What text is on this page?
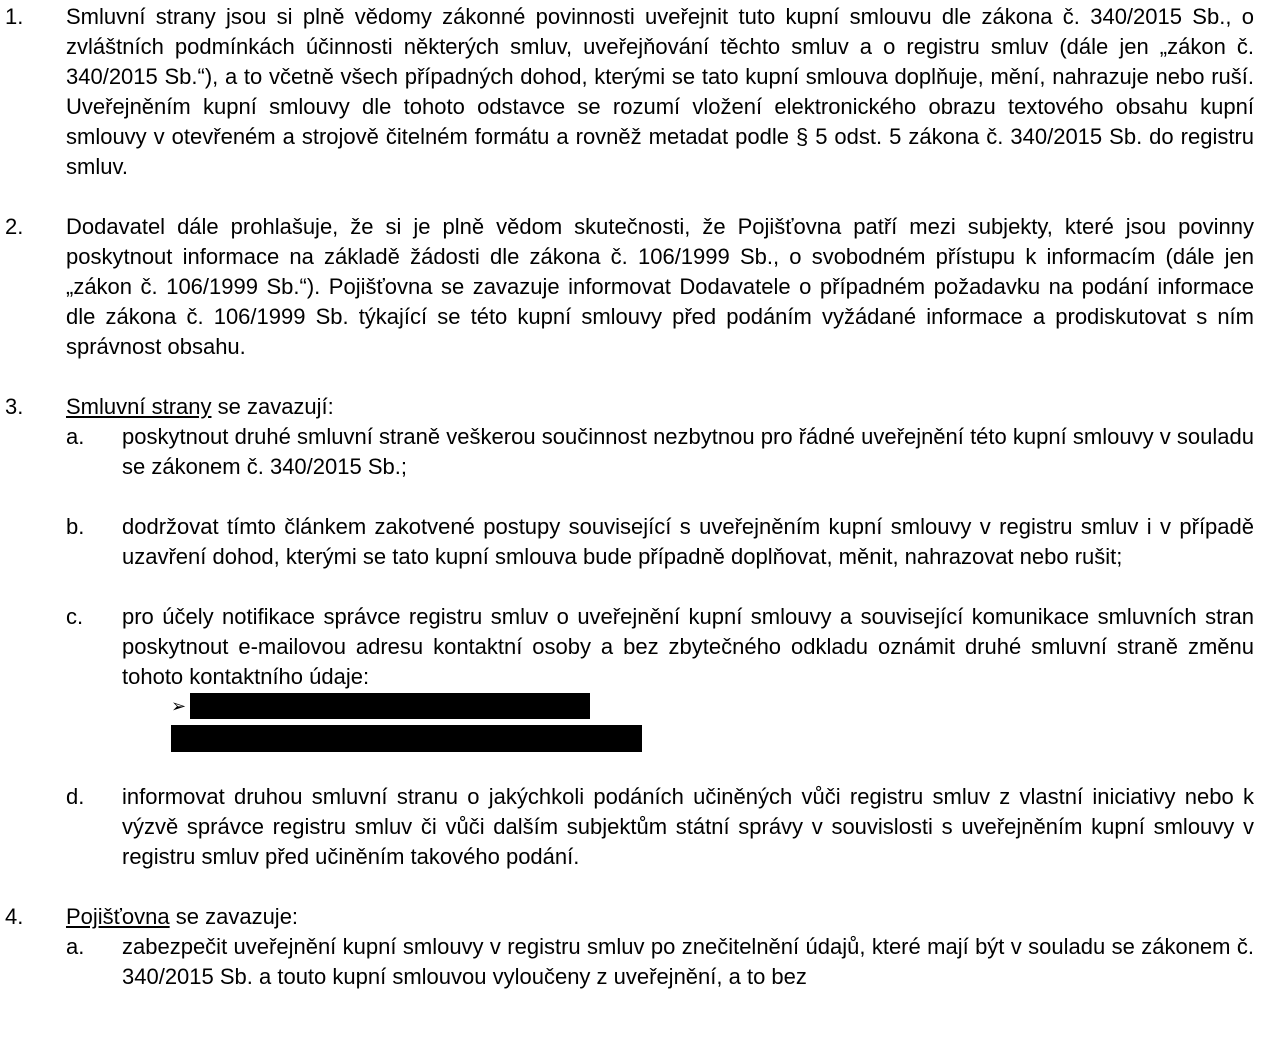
1. Smluvní strany jsou si plně vědomy zákonné povinnosti uveřejnit tuto kupní smlouvu dle zákona č. 340/2015 Sb., o zvláštních podmínkách účinnosti některých smluv, uveřejňování těchto smluv a o registru smluv (dále jen „zákon č. 340/2015 Sb.“), a to včetně všech případných dohod, kterými se tato kupní smlouva doplňuje, mění, nahrazuje nebo ruší. Uveřejněním kupní smlouvy dle tohoto odstavce se rozumí vložení elektronického obrazu textového obsahu kupní smlouvy v otevřeném a strojově čitelném formátu a rovněž metadat podle § 5 odst. 5 zákona č. 340/2015 Sb. do registru smluv.
2. Dodavatel dále prohlašuje, že si je plně vědom skutečnosti, že Pojišťovna patří mezi subjekty, které jsou povinny poskytnout informace na základě žádosti dle zákona č. 106/1999 Sb., o svobodném přístupu k informacím (dále jen „zákon č. 106/1999 Sb.“). Pojišťovna se zavazuje informovat Dodavatele o případném požadavku na podání informace dle zákona č. 106/1999 Sb. týkající se této kupní smlouvy před podáním vyžádané informace a prodiskutovat s ním správnost obsahu.
3. Smluvní strany se zavazují:
a. poskytnout druhé smluvní straně veškerou součinnost nezbytnou pro řádné uveřejnění této kupní smlouvy v souladu se zákonem č. 340/2015 Sb.;
b. dodržovat tímto článkem zakotvené postupy související s uveřejněním kupní smlouvy v registru smluv i v případě uzavření dohod, kterými se tato kupní smlouva bude případně doplňovat, měnit, nahrazovat nebo rušit;
c. pro účely notifikace správce registru smluv o uveřejnění kupní smlouvy a související komunikace smluvních stran poskytnout e-mailovou adresu kontaktní osoby a bez zbytečného odkladu oznámit druhé smluvní straně změnu tohoto kontaktního údaje:
➢
d. informovat druhou smluvní stranu o jakýchkoli podáních učiněných vůči registru smluv z vlastní iniciativy nebo k výzvě správce registru smluv či vůči dalším subjektům státní správy v souvislosti s uveřejněním kupní smlouvy v registru smluv před učiněním takového podání.
4. Pojišťovna se zavazuje:
a. zabezpečit uveřejnění kupní smlouvy v registru smluv po znečitelnění údajů, které mají být v souladu se zákonem č. 340/2015 Sb. a touto kupní smlouvou vyloučeny z uveřejnění, a to bez
